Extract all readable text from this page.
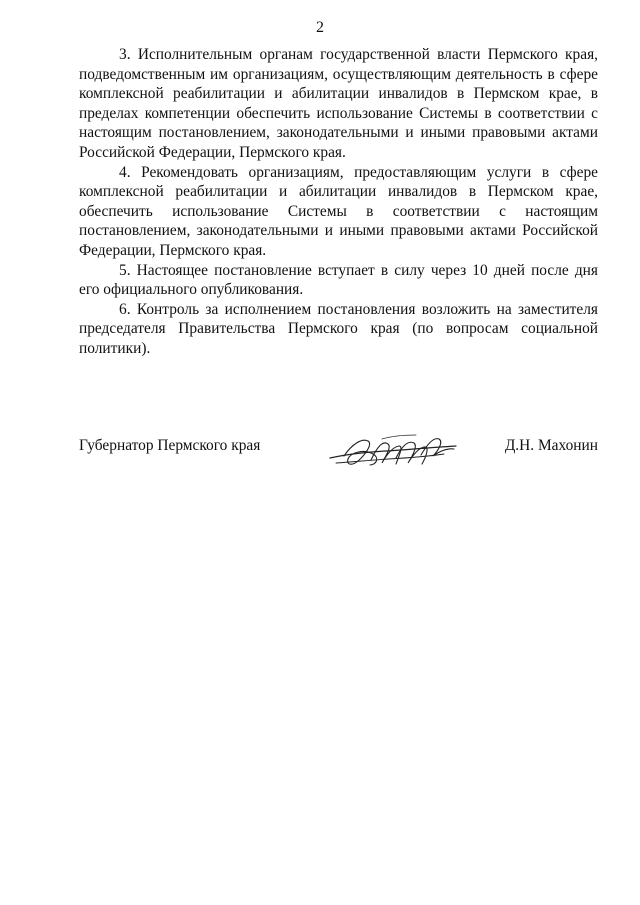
2

3. Исполнительным органам государственной власти Пермского края, подведомственным им организациям, осуществляющим деятельность в сфере комплексной реабилитации и абилитации инвалидов в Пермском крае, в пределах компетенции обеспечить использование Системы в соответствии с настоящим постановлением, законодательными и иными правовыми актами Российской Федерации, Пермского края.

4. Рекомендовать организациям, предоставляющим услуги в сфере комплексной реабилитации и абилитации инвалидов в Пермском крае, обеспечить использование Системы в соответствии с настоящим постановлением, законодательными и иными правовыми актами Российской Федерации, Пермского края.

5. Настоящее постановление вступает в силу через 10 дней после дня его официального опубликования.

6. Контроль за исполнением постановления возложить на заместителя председателя Правительства Пермского края (по вопросам социальной политики).

Губернатор Пермского края	Д.Н. Махонин
